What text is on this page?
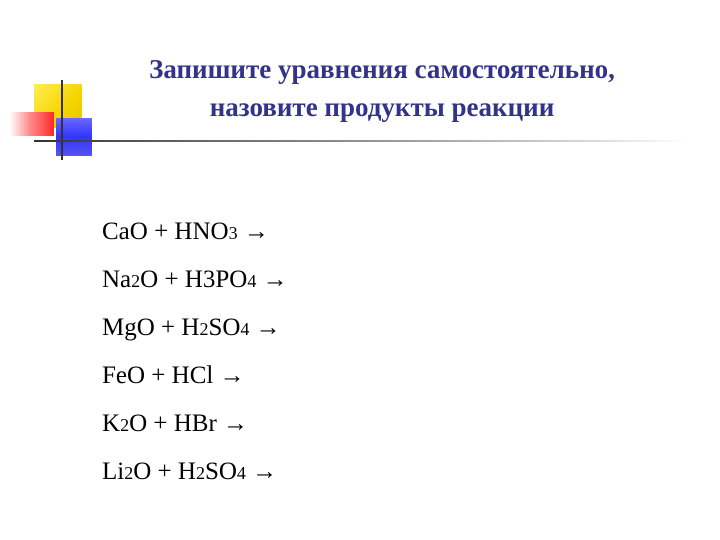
Запишите уравнения самостоятельно,
назовите продукты реакции
CaO + HNO3 →
Na2O + H3PO4 →
MgO + H2SO4 →
FeO + HCl →
K2O + HBr →
Li2O + H2SO4 →
